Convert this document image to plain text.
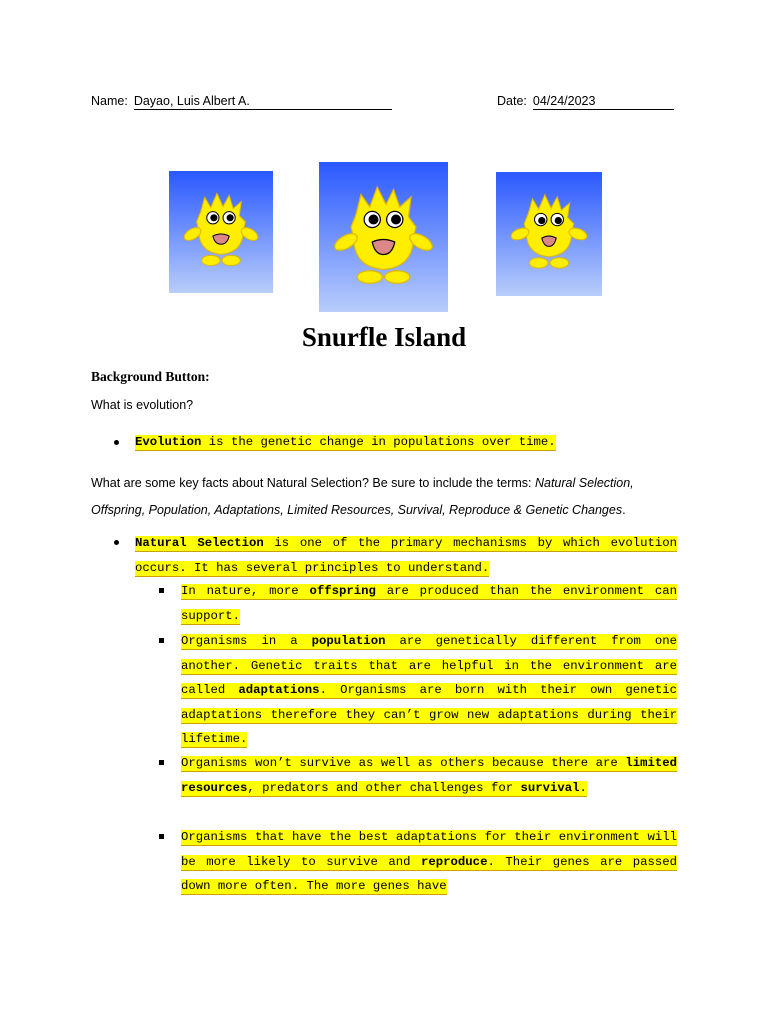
Name: Dayao, Luis Albert A.	Date: 04/24/2023
Snurfle Island
Background Button:
What is evolution?
Evolution is the genetic change in populations over time.
What are some key facts about Natural Selection? Be sure to include the terms: Natural Selection, Offspring, Population, Adaptations, Limited Resources, Survival, Reproduce & Genetic Changes.

Natural Selection is one of the primary mechanisms by which evolution occurs. It has several principles to understand.

In nature, more offspring are produced than the environment can support.

Organisms in a population are genetically different from one another. Genetic traits that are helpful in the environment are called adaptations. Organisms are born with their own genetic adaptations therefore they can’t grow new adaptations during their lifetime.

Organisms won’t survive as well as others because there are limited resources, predators and other challenges for survival.

Organisms that have the best adaptations for their environment will be more likely to survive and reproduce. Their genes are passed down more often. The more genes have
